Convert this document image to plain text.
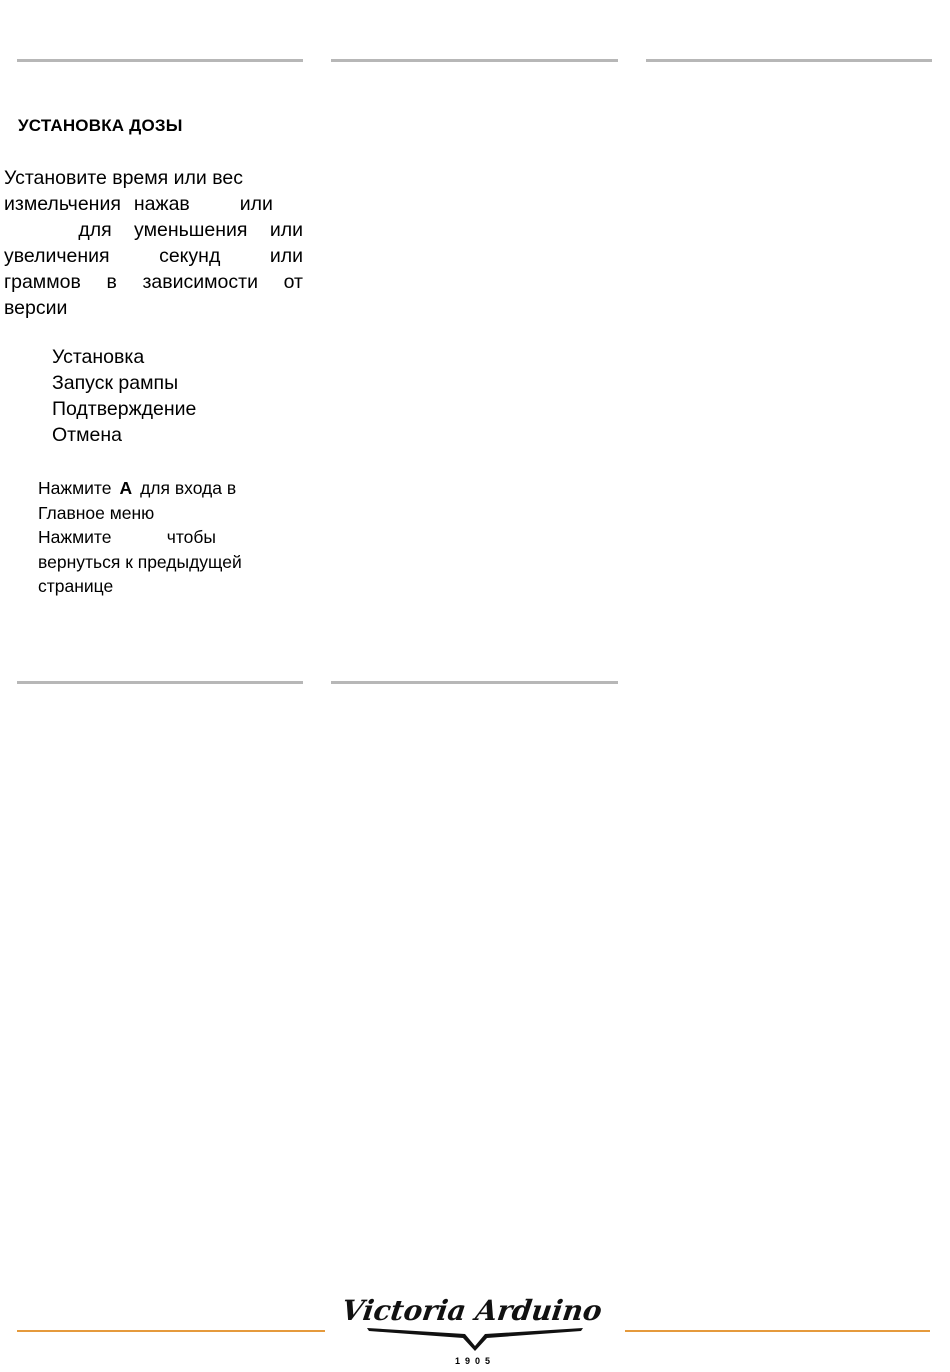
УСТАНОВКА ДОЗЫ
Установите время или вес
измельчения нажав	или
для уменьшения или
увеличения	секунд	или
граммов в зависимости от
версии
Установка
Запуск рампы
Подтверждение
Отмена
Нажмите A для входа в
Главное меню
Нажмите	чтобы
вернуться к предыдущей
странице
Victoria Arduino
1905
